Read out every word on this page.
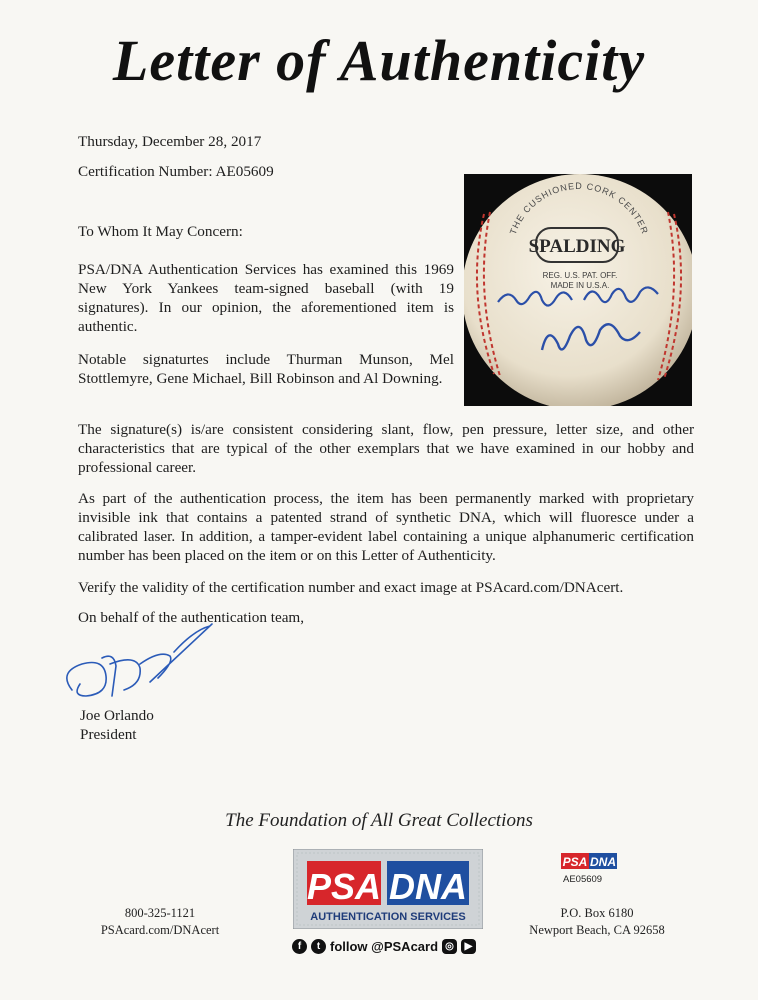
Letter of Authenticity
Thursday, December 28, 2017
Certification Number: AE05609
To Whom It May Concern:
PSA/DNA Authentication Services has examined this 1969 New York Yankees team-signed baseball (with 19 signatures). In our opinion, the aforementioned item is authentic.
Notable signaturtes include Thurman Munson, Mel Stottlemyre, Gene Michael, Bill Robinson and Al Downing.
The signature(s) is/are consistent considering slant, flow, pen pressure, letter size, and other characteristics that are typical of the other exemplars that we have examined in our hobby and professional career.
As part of the authentication process, the item has been permanently marked with proprietary invisible ink that contains a patented strand of synthetic DNA, which will fluoresce under a calibrated laser. In addition, a tamper-evident label containing a unique alphanumeric certification number has been placed on the item or on this Letter of Authenticity.
Verify the validity of the certification number and exact image at PSAcard.com/DNAcert.
On behalf of the authentication team,
THE CUSHIONED CORK CENTER
SPALDING
REG. U.S. PAT. OFF.
MADE IN U.S.A.
Joe Orlando
President
The Foundation of All Great Collections
800-325-1121
PSAcard.com/DNAcert
PSA DNA
AUTHENTICATION SERVICES
f	t follow @PSAcard ◎	▶
PSA DNA
AE05609
P.O. Box 6180
Newport Beach, CA 92658
